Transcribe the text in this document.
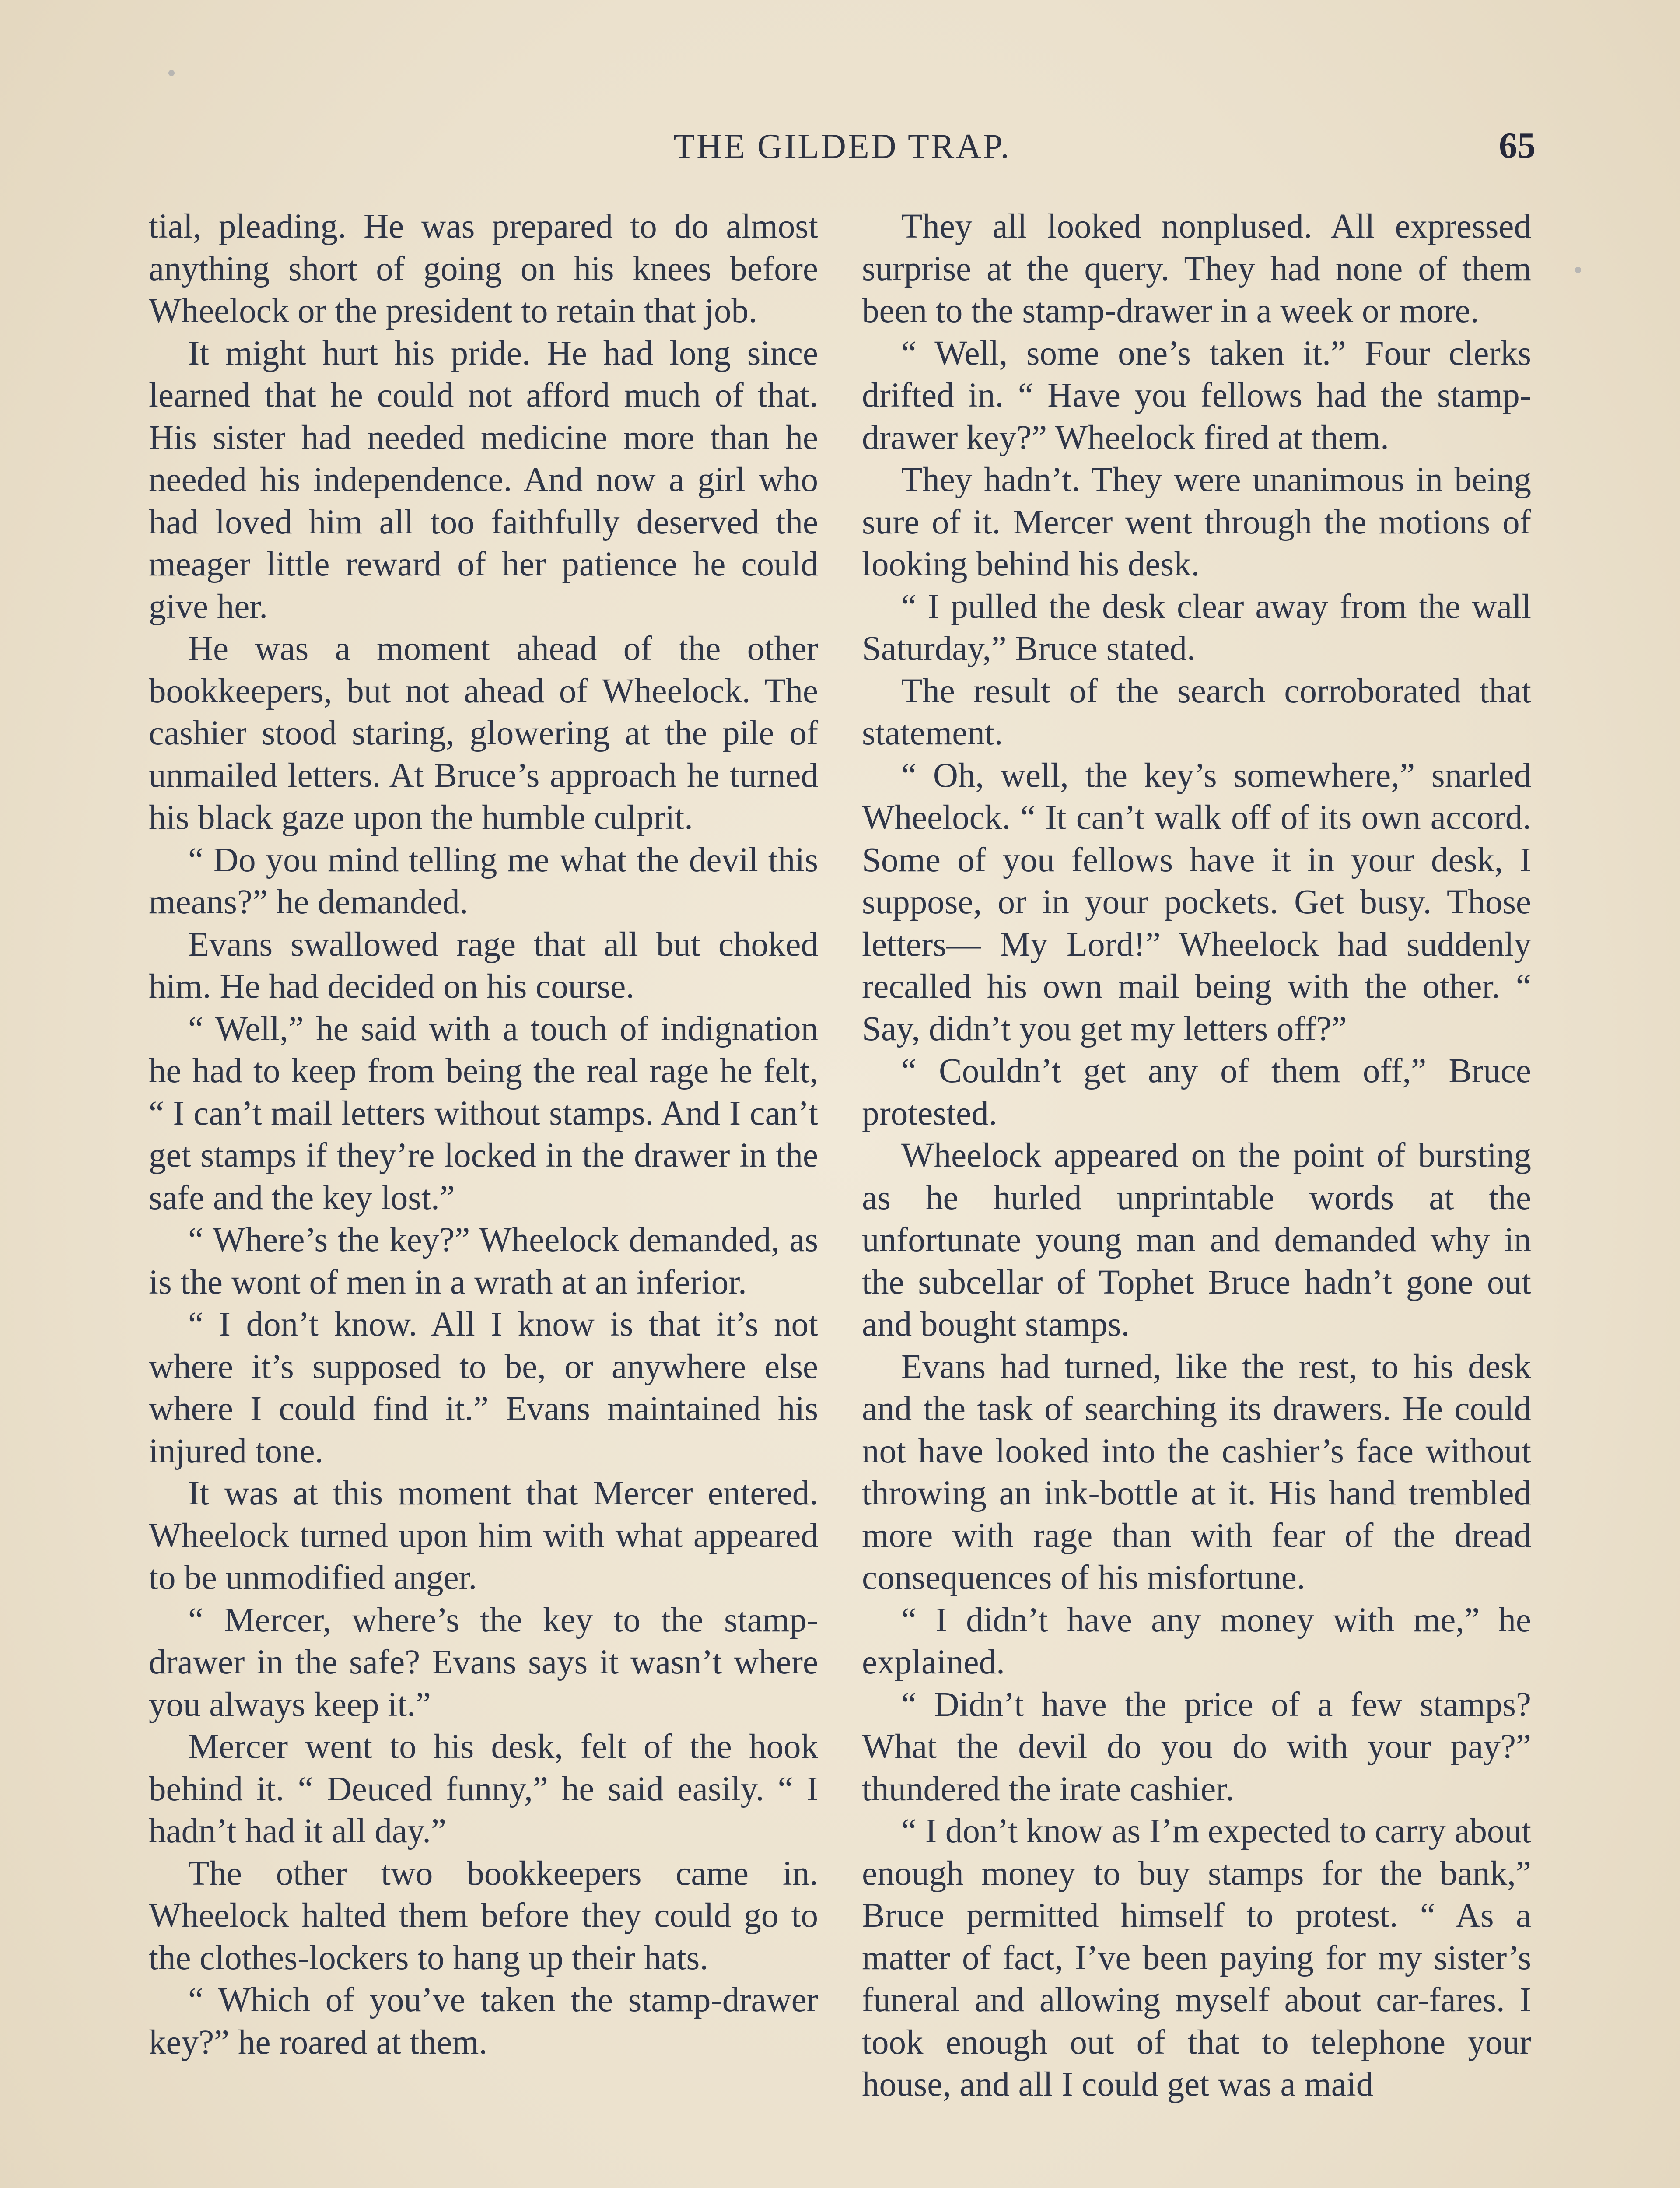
THE GILDED TRAP.	65

tial, pleading. He was prepared to do almost anything short of going on his knees before Wheelock or the president to retain that job.

It might hurt his pride. He had long since learned that he could not afford much of that. His sister had needed medicine more than he needed his independence. And now a girl who had loved him all too faithfully deserved the meager little reward of her patience he could give her.

He was a moment ahead of the other bookkeepers, but not ahead of Wheelock. The cashier stood staring, glowering at the pile of unmailed letters. At Bruce’s approach he turned his black gaze upon the humble culprit.

“ Do you mind telling me what the devil this means?” he demanded.

Evans swallowed rage that all but choked him. He had decided on his course.

“ Well,” he said with a touch of indignation he had to keep from being the real rage he felt, “ I can’t mail letters without stamps. And I can’t get stamps if they’re locked in the drawer in the safe and the key lost.”

“ Where’s the key?” Wheelock demanded, as is the wont of men in a wrath at an inferior.

“ I don’t know. All I know is that it’s not where it’s supposed to be, or anywhere else where I could find it.” Evans maintained his injured tone.

It was at this moment that Mercer entered. Wheelock turned upon him with what appeared to be unmodified anger.

“ Mercer, where’s the key to the stamp-drawer in the safe? Evans says it wasn’t where you always keep it.”

Mercer went to his desk, felt of the hook behind it. “ Deuced funny,” he said easily. “ I hadn’t had it all day.”

The other two bookkeepers came in. Wheelock halted them before they could go to the clothes-lockers to hang up their hats.

“ Which of you’ve taken the stamp-drawer key?” he roared at them.

They all looked nonplused. All expressed surprise at the query. They had none of them been to the stamp-drawer in a week or more.

“ Well, some one’s taken it.” Four clerks drifted in. “ Have you fellows had the stamp-drawer key?” Wheelock fired at them.

They hadn’t. They were unanimous in being sure of it. Mercer went through the motions of looking behind his desk.

“ I pulled the desk clear away from the wall Saturday,” Bruce stated.

The result of the search corroborated that statement.

“ Oh, well, the key’s somewhere,” snarled Wheelock. “ It can’t walk off of its own accord. Some of you fellows have it in your desk, I suppose, or in your pockets. Get busy. Those letters— My Lord!” Wheelock had suddenly recalled his own mail being with the other. “ Say, didn’t you get my letters off?”

“ Couldn’t get any of them off,” Bruce protested.

Wheelock appeared on the point of bursting as he hurled unprintable words at the unfortunate young man and demanded why in the subcellar of Tophet Bruce hadn’t gone out and bought stamps.

Evans had turned, like the rest, to his desk and the task of searching its drawers. He could not have looked into the cashier’s face without throwing an ink-bottle at it. His hand trembled more with rage than with fear of the dread consequences of his misfortune.

“ I didn’t have any money with me,” he explained.

“ Didn’t have the price of a few stamps? What the devil do you do with your pay?” thundered the irate cashier.

“ I don’t know as I’m expected to carry about enough money to buy stamps for the bank,” Bruce permitted himself to protest. “ As a matter of fact, I’ve been paying for my sister’s funeral and allowing myself about car-fares. I took enough out of that to telephone your house, and all I could get was a maid
